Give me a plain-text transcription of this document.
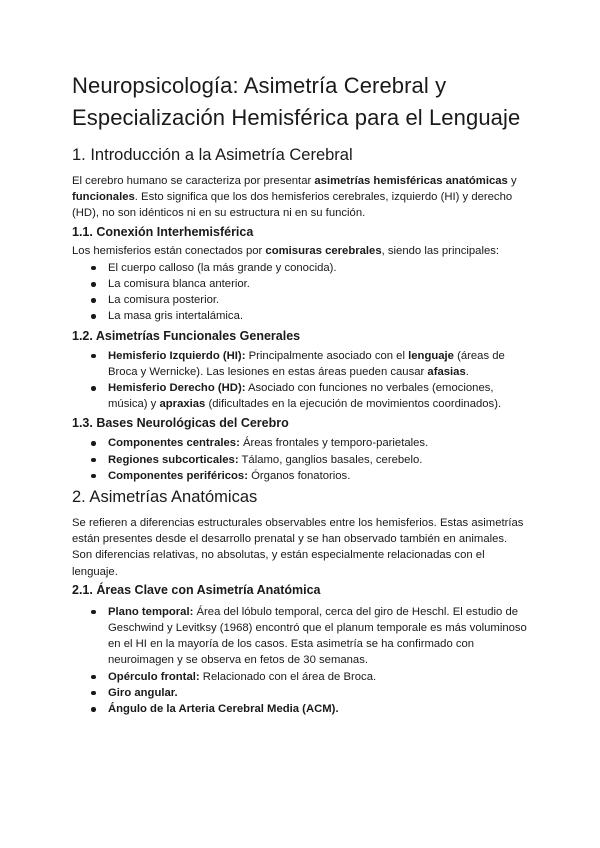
Neuropsicología: Asimetría Cerebral y Especialización Hemisférica para el Lenguaje
1. Introducción a la Asimetría Cerebral

El cerebro humano se caracteriza por presentar asimetrías hemisféricas anatómicas y funcionales. Esto significa que los dos hemisferios cerebrales, izquierdo (HI) y derecho (HD), no son idénticos ni en su estructura ni en su función.

1.1. Conexión Interhemisférica

Los hemisferios están conectados por comisuras cerebrales, siendo las principales:

El cuerpo calloso (la más grande y conocida).
La comisura blanca anterior.
La comisura posterior.
La masa gris intertalámica.
1.2. Asimetrías Funcionales Generales
Hemisferio Izquierdo (HI): Principalmente asociado con el lenguaje (áreas de Broca y Wernicke). Las lesiones en estas áreas pueden causar afasias.
Hemisferio Derecho (HD): Asociado con funciones no verbales (emociones, música) y apraxias (dificultades en la ejecución de movimientos coordinados).
1.3. Bases Neurológicas del Cerebro
Componentes centrales: Áreas frontales y temporo-parietales.
Regiones subcorticales: Tálamo, ganglios basales, cerebelo.
Componentes periféricos: Órganos fonatorios.
2. Asimetrías Anatómicas

Se refieren a diferencias estructurales observables entre los hemisferios. Estas asimetrías están presentes desde el desarrollo prenatal y se han observado también en animales. Son diferencias relativas, no absolutas, y están especialmente relacionadas con el lenguaje.

2.1. Áreas Clave con Asimetría Anatómica
Plano temporal: Área del lóbulo temporal, cerca del giro de Heschl. El estudio de Geschwind y Levitksy (1968) encontró que el planum temporale es más voluminoso en el HI en la mayoría de los casos. Esta asimetría se ha confirmado con neuroimagen y se observa en fetos de 30 semanas.
Opérculo frontal: Relacionado con el área de Broca.
Giro angular.
Ángulo de la Arteria Cerebral Media (ACM).
